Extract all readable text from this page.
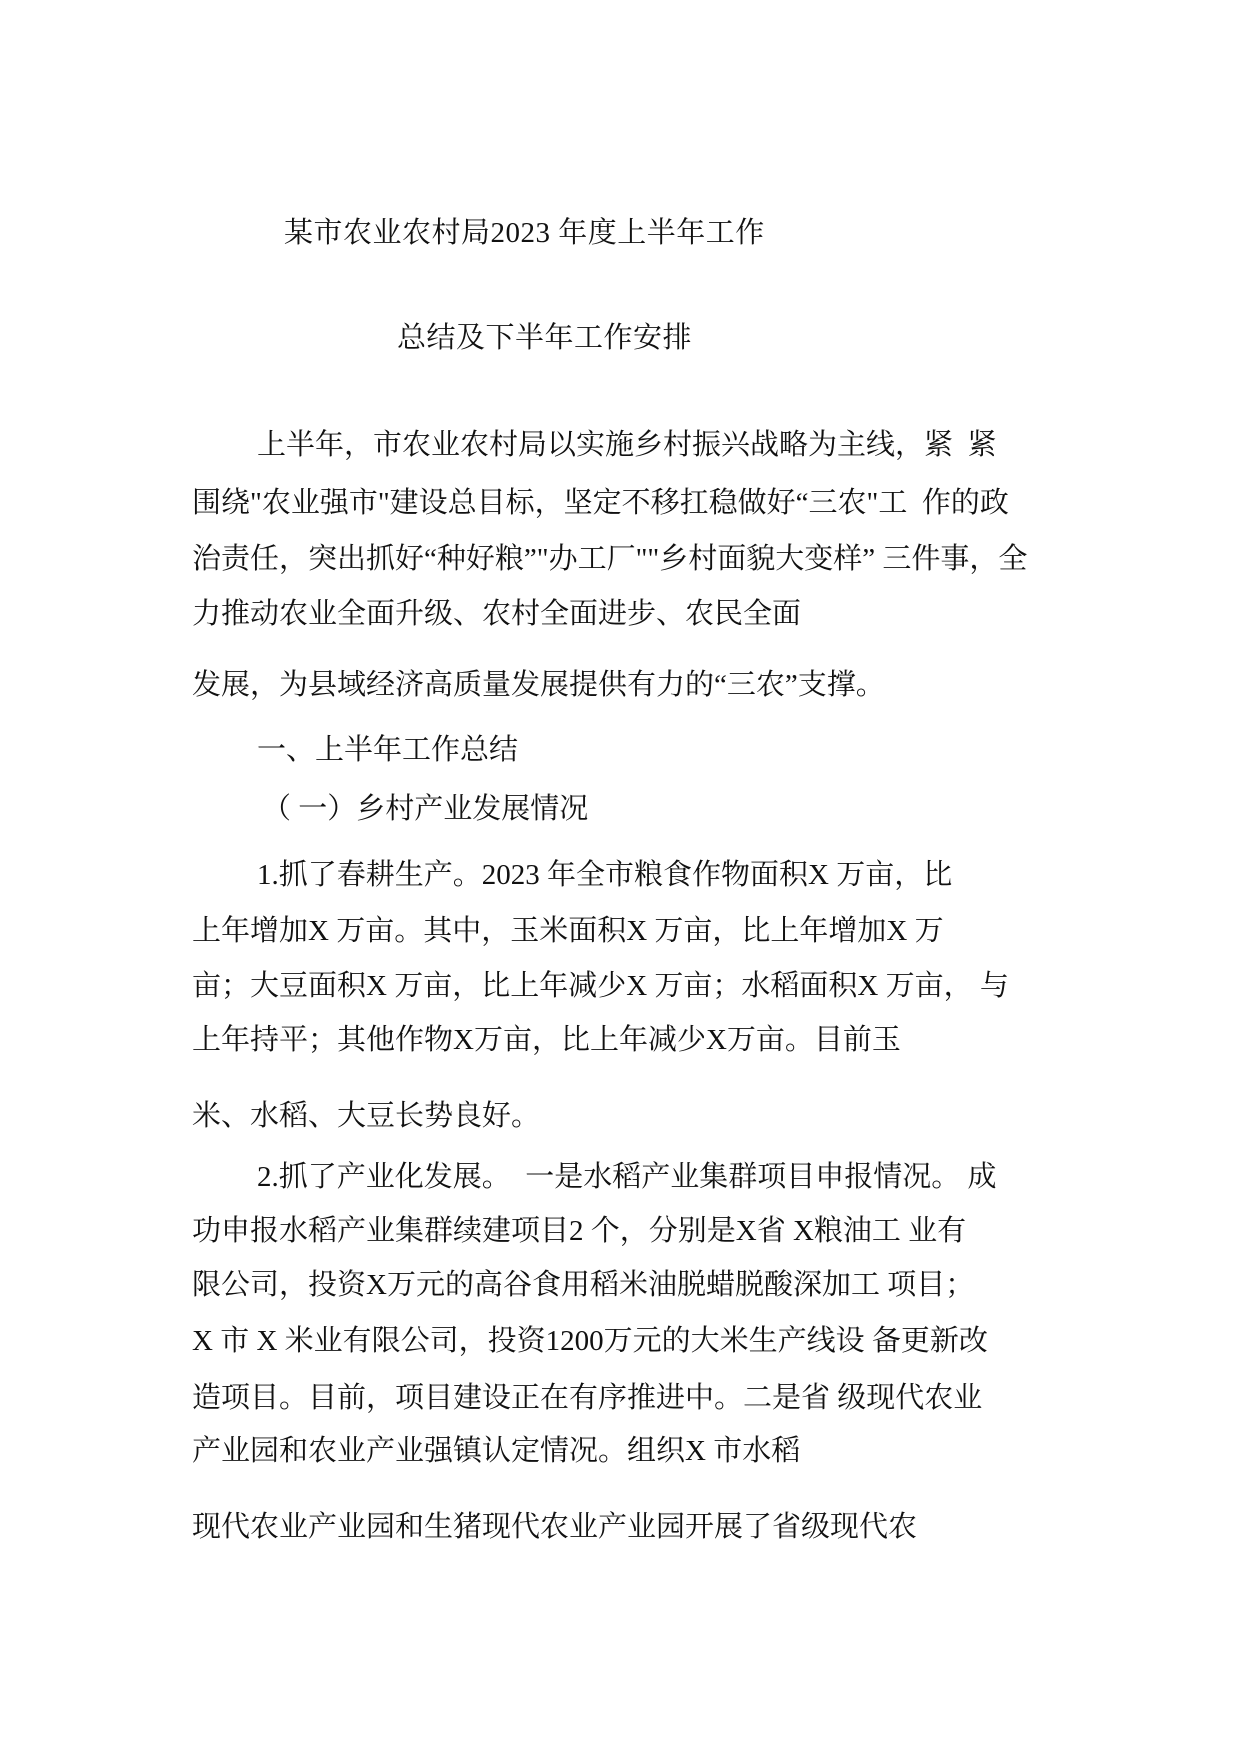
某市农业农村局2023 年度上半年工作
总结及下半年工作安排
上半年，市农业农村局以实施乡村振兴战略为主线，紧  紧
围绕"农业强市"建设总目标，坚定不移扛稳做好“三农"工  作的政
治责任，突出抓好“种好粮”"办工厂""乡村面貌大变样” 三件事，全
力推动农业全面升级、农村全面进步、农民全面
发展，为县域经济高质量发展提供有力的“三农”支撑。
一、上半年工作总结
（ 一）乡村产业发展情况
1.抓了春耕生产。2023 年全市粮食作物面积X 万亩，比
上年增加X 万亩。其中，玉米面积X 万亩，比上年增加X 万
亩；大豆面积X 万亩，比上年减少X 万亩；水稻面积X 万亩， 与
上年持平；其他作物X万亩，比上年减少X万亩。目前玉
米、水稻、大豆长势良好。
2.抓了产业化发展。  一是水稻产业集群项目申报情况。 成
功申报水稻产业集群续建项目2 个，分别是X省 X粮油工 业有
限公司，投资X万元的高谷食用稻米油脱蜡脱酸深加工 项目；
X 市 X 米业有限公司，投资1200万元的大米生产线设 备更新改
造项目。目前，项目建设正在有序推进中。二是省 级现代农业
产业园和农业产业强镇认定情况。组织X 市水稻
现代农业产业园和生猪现代农业产业园开展了省级现代农
